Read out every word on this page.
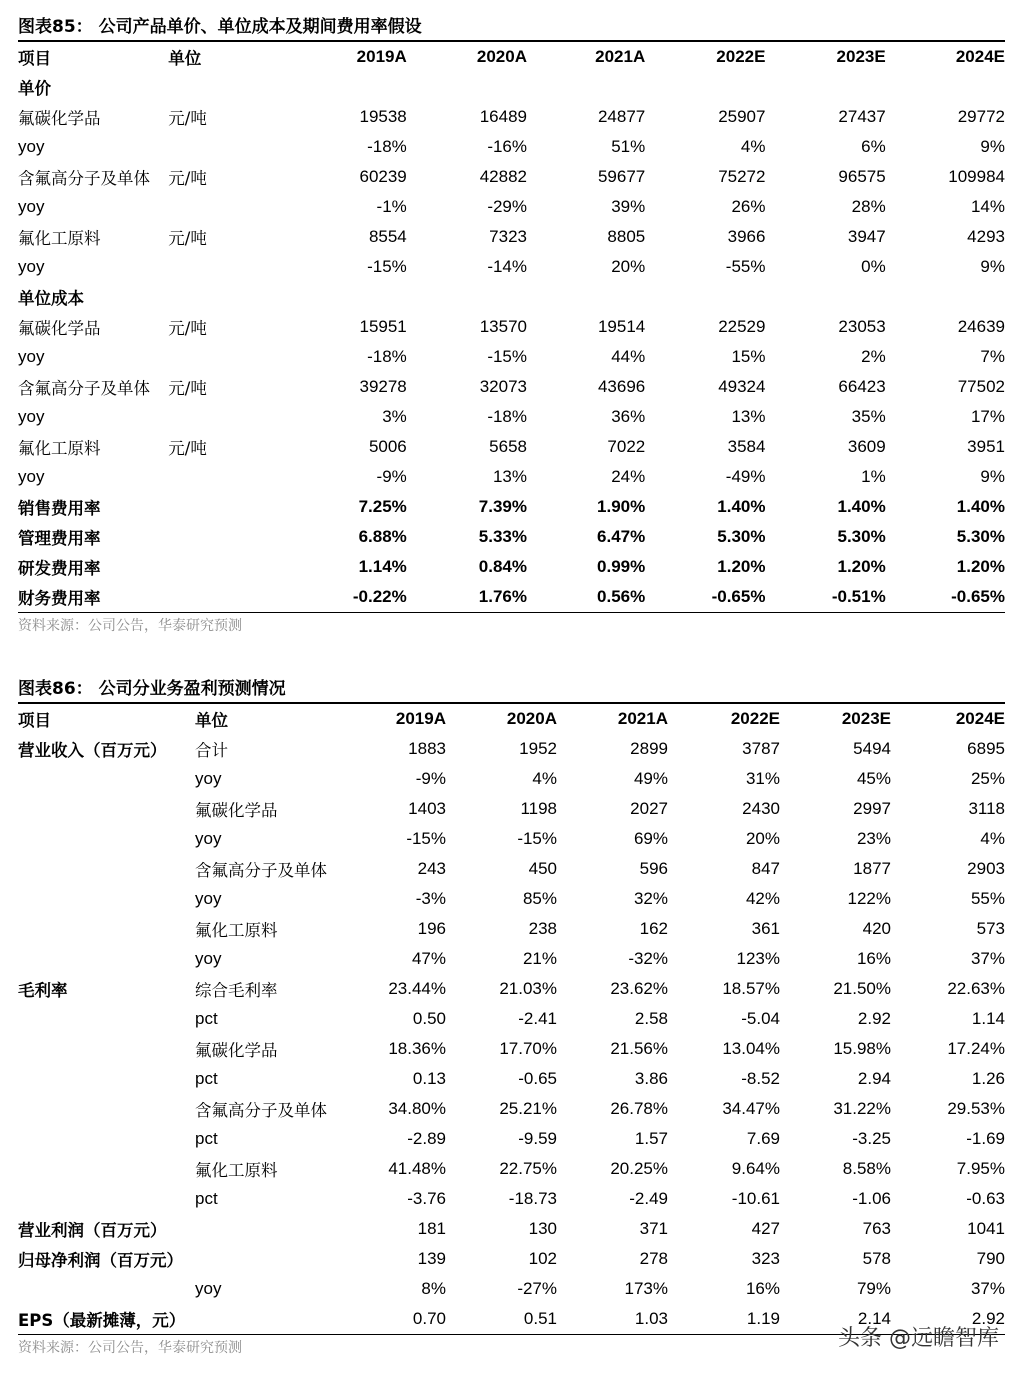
图表85： 公司产品单价、单位成本及期间费用率假设
项目	单位	2019A	2020A	2021A	2022E	2023E	2024E
单价							
氟碳化学品	元/吨	19538	16489	24877	25907	27437	29772
yoy		-18%	-16%	51%	4%	6%	9%
含氟高分子及单体	元/吨	60239	42882	59677	75272	96575	109984
yoy		-1%	-29%	39%	26%	28%	14%
氟化工原料	元/吨	8554	7323	8805	3966	3947	4293
yoy		-15%	-14%	20%	-55%	0%	9%
单位成本							
氟碳化学品	元/吨	15951	13570	19514	22529	23053	24639
yoy		-18%	-15%	44%	15%	2%	7%
含氟高分子及单体	元/吨	39278	32073	43696	49324	66423	77502
yoy		3%	-18%	36%	13%	35%	17%
氟化工原料	元/吨	5006	5658	7022	3584	3609	3951
yoy		-9%	13%	24%	-49%	1%	9%
销售费用率		7.25%	7.39%	1.90%	1.40%	1.40%	1.40%
管理费用率		6.88%	5.33%	6.47%	5.30%	5.30%	5.30%
研发费用率		1.14%	0.84%	0.99%	1.20%	1.20%	1.20%
财务费用率		-0.22%	1.76%	0.56%	-0.65%	-0.51%	-0.65%
资料来源：公司公告，华泰研究预测
图表86： 公司分业务盈利预测情况
项目	单位	2019A	2020A	2021A	2022E	2023E	2024E
营业收入（百万元）	合计	1883	1952	2899	3787	5494	6895
	yoy	-9%	4%	49%	31%	45%	25%
	氟碳化学品	1403	1198	2027	2430	2997	3118
	yoy	-15%	-15%	69%	20%	23%	4%
	含氟高分子及单体	243	450	596	847	1877	2903
	yoy	-3%	85%	32%	42%	122%	55%
	氟化工原料	196	238	162	361	420	573
	yoy	47%	21%	-32%	123%	16%	37%
毛利率	综合毛利率	23.44%	21.03%	23.62%	18.57%	21.50%	22.63%
	pct	0.50	-2.41	2.58	-5.04	2.92	1.14
	氟碳化学品	18.36%	17.70%	21.56%	13.04%	15.98%	17.24%
	pct	0.13	-0.65	3.86	-8.52	2.94	1.26
	含氟高分子及单体	34.80%	25.21%	26.78%	34.47%	31.22%	29.53%
	pct	-2.89	-9.59	1.57	7.69	-3.25	-1.69
	氟化工原料	41.48%	22.75%	20.25%	9.64%	8.58%	7.95%
	pct	-3.76	-18.73	-2.49	-10.61	-1.06	-0.63
营业利润（百万元）		181	130	371	427	763	1041
归母净利润（百万元）		139	102	278	323	578	790
	yoy	8%	-27%	173%	16%	79%	37%
EPS（最新摊薄，元）		0.70	0.51	1.03	1.19	2.14	2.92
资料来源：公司公告，华泰研究预测	头条 @远瞻智库
